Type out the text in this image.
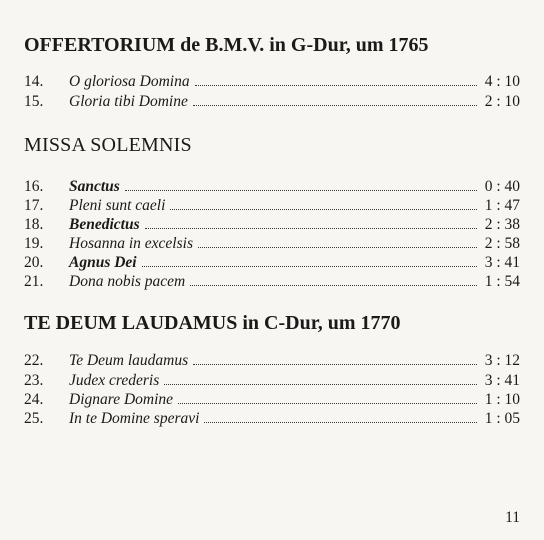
OFFERTORIUM de B.M.V. in G-Dur, um 1765
14.	O gloriosa Domina	4 : 10
15.	Gloria tibi Domine	2 : 10
MISSA SOLEMNIS
16.	Sanctus	0 : 40
17.	Pleni sunt caeli	1 : 47
18.	Benedictus	2 : 38
19.	Hosanna in excelsis	2 : 58
20.	Agnus Dei	3 : 41
21.	Dona nobis pacem	1 : 54
TE DEUM LAUDAMUS in C-Dur, um 1770
22.	Te Deum laudamus	3 : 12
23.	Judex crederis	3 : 41
24.	Dignare Domine	1 : 10
25.	In te Domine speravi	1 : 05
11
